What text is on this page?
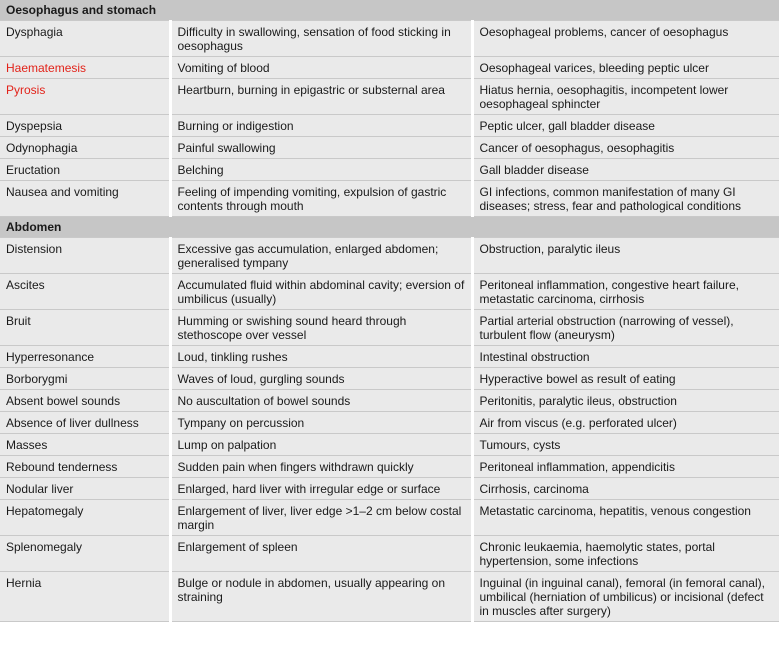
Oesophagus and stomach		
Dysphagia	Difficulty in swallowing, sensation of food sticking in oesophagus	Oesophageal problems, cancer of oesophagus
Haematemesis	Vomiting of blood	Oesophageal varices, bleeding peptic ulcer
Pyrosis	Heartburn, burning in epigastric or substernal area	Hiatus hernia, oesophagitis, incompetent lower oesophageal sphincter
Dyspepsia	Burning or indigestion	Peptic ulcer, gall bladder disease
Odynophagia	Painful swallowing	Cancer of oesophagus, oesophagitis
Eructation	Belching	Gall bladder disease
Nausea and vomiting	Feeling of impending vomiting, expulsion of gastric contents through mouth	GI infections, common manifestation of many GI diseases; stress, fear and pathological conditions
Abdomen		
Distension	Excessive gas accumulation, enlarged abdomen; generalised tympany	Obstruction, paralytic ileus
Ascites	Accumulated fluid within abdominal cavity; eversion of umbilicus (usually)	Peritoneal inflammation, congestive heart failure, metastatic carcinoma, cirrhosis
Bruit	Humming or swishing sound heard through stethoscope over vessel	Partial arterial obstruction (narrowing of vessel), turbulent flow (aneurysm)
Hyperresonance	Loud, tinkling rushes	Intestinal obstruction
Borborygmi	Waves of loud, gurgling sounds	Hyperactive bowel as result of eating
Absent bowel sounds	No auscultation of bowel sounds	Peritonitis, paralytic ileus, obstruction
Absence of liver dullness	Tympany on percussion	Air from viscus (e.g. perforated ulcer)
Masses	Lump on palpation	Tumours, cysts
Rebound tenderness	Sudden pain when fingers withdrawn quickly	Peritoneal inflammation, appendicitis
Nodular liver	Enlarged, hard liver with irregular edge or surface	Cirrhosis, carcinoma
Hepatomegaly	Enlargement of liver, liver edge >1–2 cm below costal margin	Metastatic carcinoma, hepatitis, venous congestion
Splenomegaly	Enlargement of spleen	Chronic leukaemia, haemolytic states, portal hypertension, some infections
Hernia	Bulge or nodule in abdomen, usually appearing on straining	Inguinal (in inguinal canal), femoral (in femoral canal), umbilical (herniation of umbilicus) or incisional (defect in muscles after surgery)
